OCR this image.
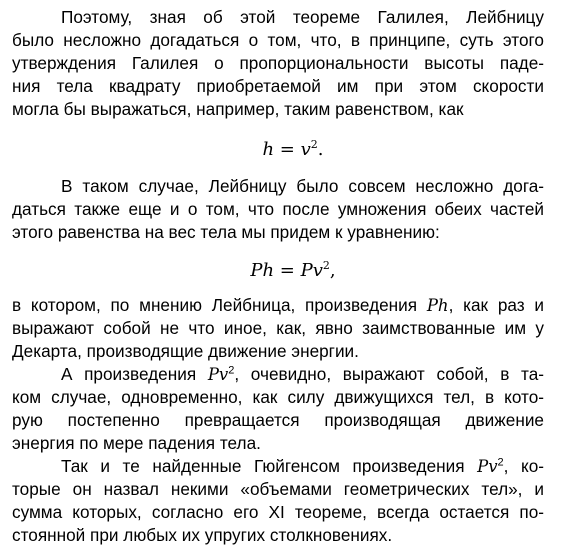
Поэтому, зная об этой теореме Галилея, Лейбницу
было несложно догадаться о том, что, в принципе, суть этого
утверждения Галилея о пропорциональности высоты паде-
ния тела квадрату приобретаемой им при этом скорости
могла бы выражаться, например, таким равенством, как
$h = v^2$.
В таком случае, Лейбницу было совсем несложно дога-
даться также еще и о том, что после умножения обеих частей
этого равенства на вес тела мы придем к уравнению:
$Ph = Pv^2$,
в котором, по мнению Лейбница, произведения Ph, как раз и
выражают собой не что иное, как, явно заимствованные им у
Декарта, производящие движение энергии.
А произведения Pv$^2$, очевидно, выражают собой, в та-
ком случае, одновременно, как силу движущихся тел, в кото-
рую постепенно превращается производящая движение
энергия по мере падения тела.
Так и те найденные Гюйгенсом произведения Pv$^2$, ко-
торые он назвал некими «объемами геометрических тел», и
сумма которых, согласно его XI теореме, всегда остается по-
стоянной при любых их упругих столкновениях.
